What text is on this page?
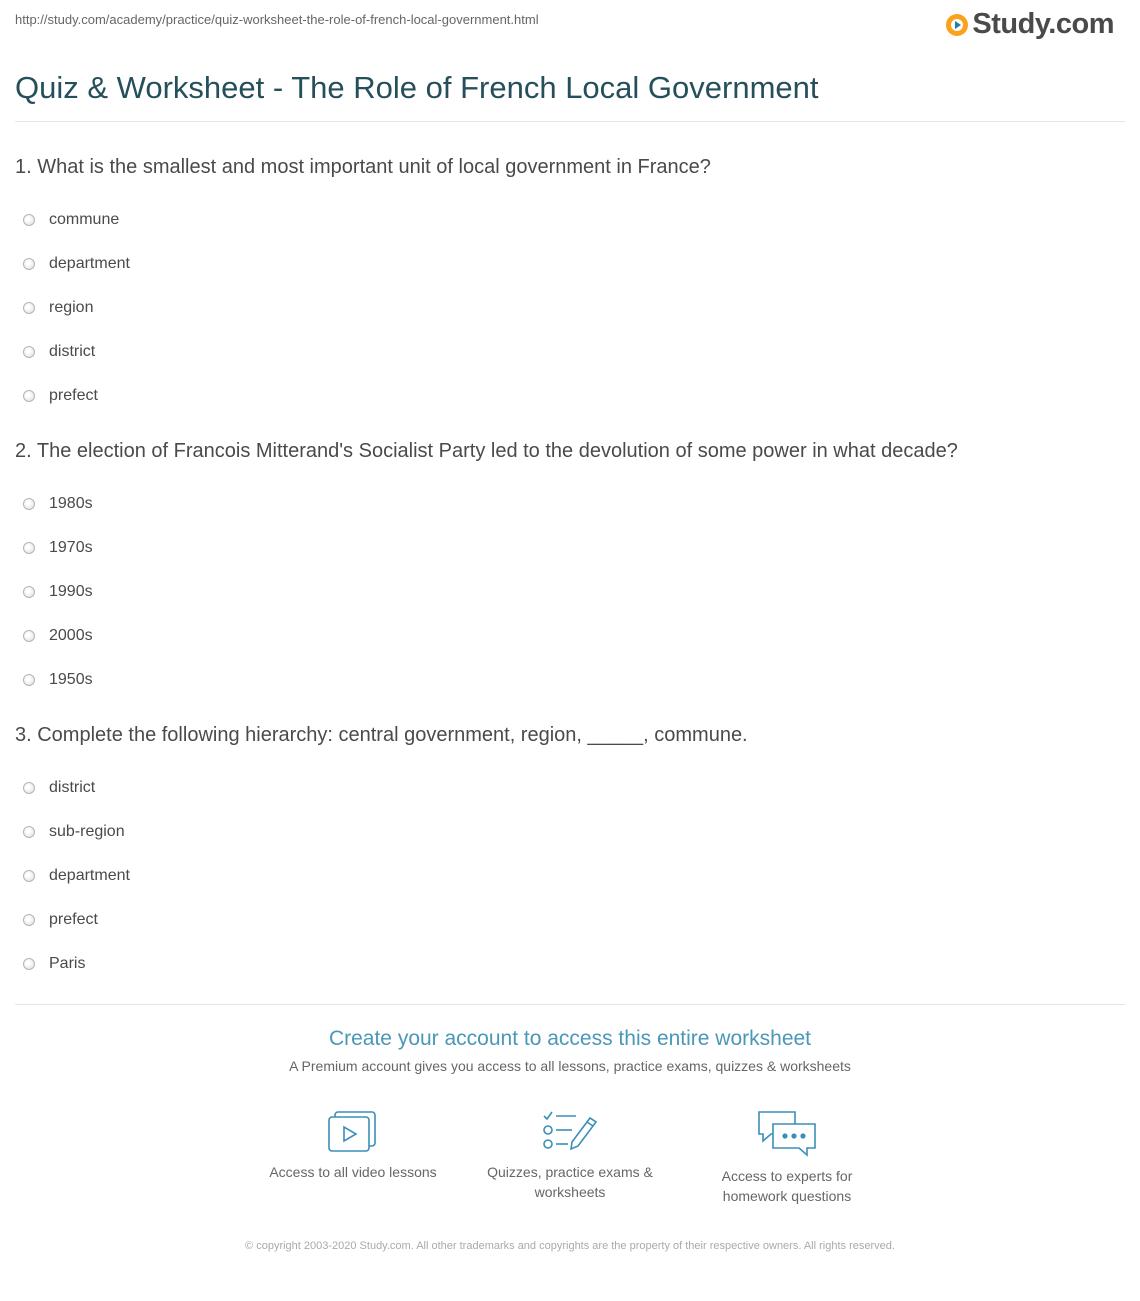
http://study.com/academy/practice/quiz-worksheet-the-role-of-french-local-government.html	Study.com
Quiz & Worksheet - The Role of French Local Government

1. What is the smallest and most important unit of local government in France?

commune
department
region
district
prefect

2. The election of Francois Mitterand's Socialist Party led to the devolution of some power in what decade?

1980s
1970s
1990s
2000s
1950s

3. Complete the following hierarchy: central government, region, _____, commune.

district
sub-region
department
prefect
Paris
Create your account to access this entire worksheet
A Premium account gives you access to all lessons, practice exams, quizzes & worksheets
Access to all video lessons	Quizzes, practice exams & worksheets
Access to experts for homework questions
© copyright 2003-2020 Study.com. All other trademarks and copyrights are the property of their respective owners. All rights reserved.
